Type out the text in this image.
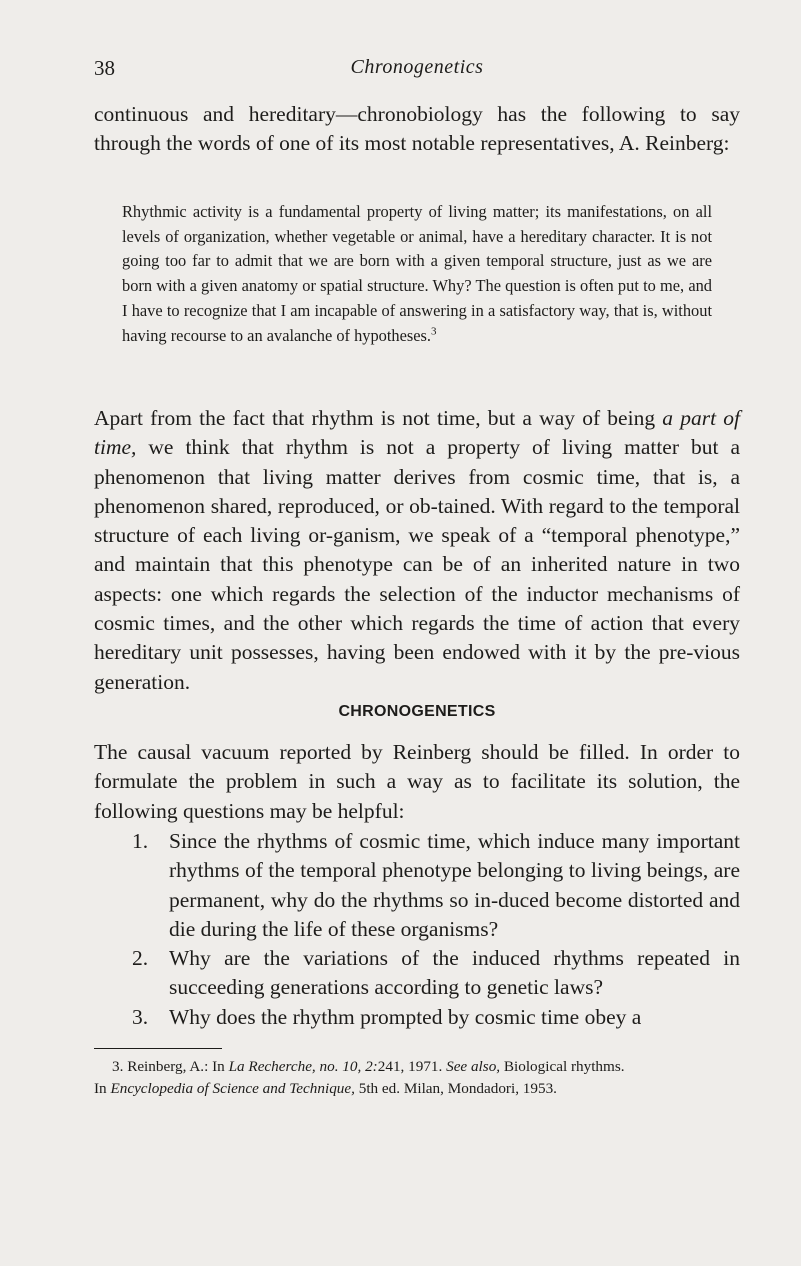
38	Chronogenetics

continuous and hereditary—chronobiology has the following to say through the words of one of its most notable representatives, A. Reinberg:

Rhythmic activity is a fundamental property of living matter; its manifestations, on all levels of organization, whether vegetable or animal, have a hereditary character. It is not going too far to admit that we are born with a given temporal structure, just as we are born with a given anatomy or spatial structure. Why? The question is often put to me, and I have to recognize that I am incapable of answering in a satisfactory way, that is, without having recourse to an avalanche of hypotheses.$^3$

Apart from the fact that rhythm is not time, but a way of being a part of time, we think that rhythm is not a property of living matter but a phenomenon that living matter derives from cosmic time, that is, a phenomenon shared, reproduced, or ob-tained. With regard to the temporal structure of each living or-ganism, we speak of a “temporal phenotype,” and maintain that this phenotype can be of an inherited nature in two aspects: one which regards the selection of the inductor mechanisms of cosmic times, and the other which regards the time of action that every hereditary unit possesses, having been endowed with it by the pre-vious generation.

CHRONOGENETICS

The causal vacuum reported by Reinberg should be filled. In order to formulate the problem in such a way as to facilitate its solution, the following questions may be helpful:

1. Since the rhythms of cosmic time, which induce many important rhythms of the temporal phenotype belonging to living beings, are permanent, why do the rhythms so in-duced become distorted and die during the life of these organisms?
2. Why are the variations of the induced rhythms repeated in succeeding generations according to genetic laws?
3. Why does the rhythm prompted by cosmic time obey a

3. Reinberg, A.: In La Recherche, no. 10, 2:241, 1971. See also, Biological rhythms.
In Encyclopedia of Science and Technique, 5th ed. Milan, Mondadori, 1953.
